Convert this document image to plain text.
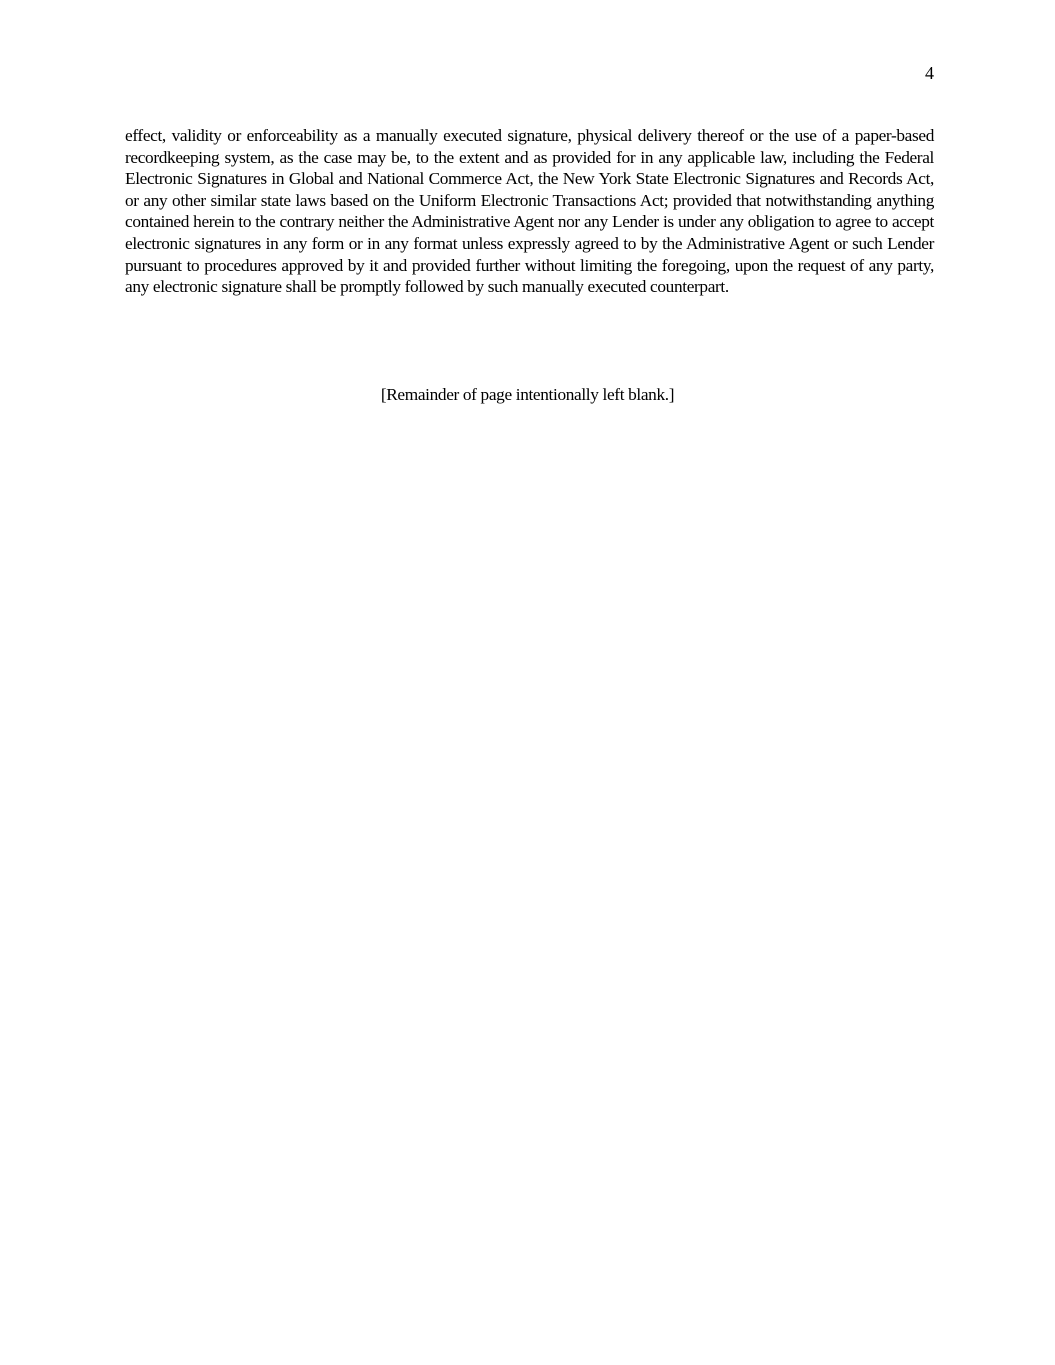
4

effect, validity or enforceability as a manually executed signature, physical delivery thereof or the use of a paper-based recordkeeping system, as the case may be, to the extent and as provided for in any applicable law, including the Federal Electronic Signatures in Global and National Commerce Act, the New York State Electronic Signatures and Records Act, or any other similar state laws based on the Uniform Electronic Transactions Act; provided that notwithstanding anything contained herein to the contrary neither the Administrative Agent nor any Lender is under any obligation to agree to accept electronic signatures in any form or in any format unless expressly agreed to by the Administrative Agent or such Lender pursuant to procedures approved by it and provided further without limiting the foregoing, upon the request of any party, any electronic signature shall be promptly followed by such manually executed counterpart.

[Remainder of page intentionally left blank.]
